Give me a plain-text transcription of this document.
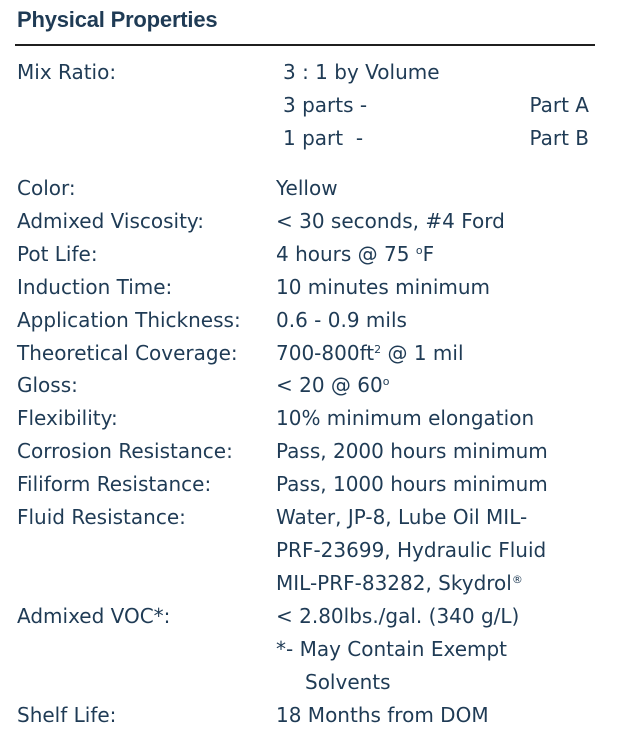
Physical Properties
Mix Ratio:	3 : 1 by Volume
3 parts -	Part A
1 part  -	Part B
Color:	Yellow
Admixed Viscosity:	< 30 seconds, #4 Ford
Pot Life:	4 hours @ 75 $^o$F
Induction Time:	10 minutes minimum
Application Thickness: 0.6 - 0.9 mils
Theoretical Coverage: $700-800ft^2$ @ 1 mil
Gloss:	< 20 @ 60$^o$
Flexibility:	10% minimum elongation
Corrosion Resistance: Pass, 2000 hours minimum
Filiform Resistance:	Pass, 1000 hours minimum
Fluid Resistance:	Water, JP-8, Lube Oil MIL-
PRF-23699, Hydraulic Fluid
MIL-PRF-83282, Skydrol®
Admixed VOC*:	< 2.80lbs./gal. (340 g/L)
*- May Contain Exempt
Solvents
Shelf Life:	18 Months from DOM
